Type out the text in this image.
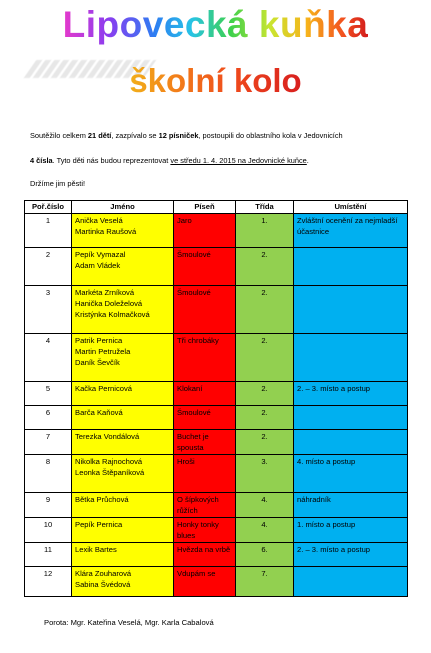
Lipovecká kuňka
školní kolo

Soutěžilo celkem 21 dětí, zazpívalo se 12 písniček, postoupili do oblastního kola v Jedovnicích

4 čísla. Tyto děti nás budou reprezentovat ve středu 1. 4. 2015 na Jedovnické kuňce.

Držíme jim pěsti!

Poř.číslo	Jméno	Píseň	Třída	Umístění
1	Anička Veselá
Martinka Raušová	Jaro	1.	Zvláštní ocenění za nejmladší účastnice
2	Pepík Vymazal
Adam Vládek	Šmoulové	2.	
3	Markéta Zrníková
Hanička Doleželová
Kristýnka Kolmačková	Šmoulové	2.	
4	Patrik Pernica
Martin Petružela
Daník Ševčík	Tři chrobáky	2.	
5	Kačka Pernicová	Klokaní	2.	2. – 3. místo a postup
6	Barča Kaňová	Šmoulové	2.	
7	Terezka Vondálová	Buchet je spousta	2.	
8	Nikolka Rajnochová
Leonka Štěpaníková	Hroši	3.	4. místo a postup
9	Bětka Průchová	O šípkových růžích	4.	náhradník
10	Pepík Pernica	Honky tonky blues	4.	1. místo a postup
11	Lexik Bartes	Hvězda na vrbě	6.	2. – 3. místo a postup
12	Klára Zouharová
Sabina Švédová	Vdupám se	7.	

Porota: Mgr. Kateřina Veselá, Mgr. Karla Cabalová
